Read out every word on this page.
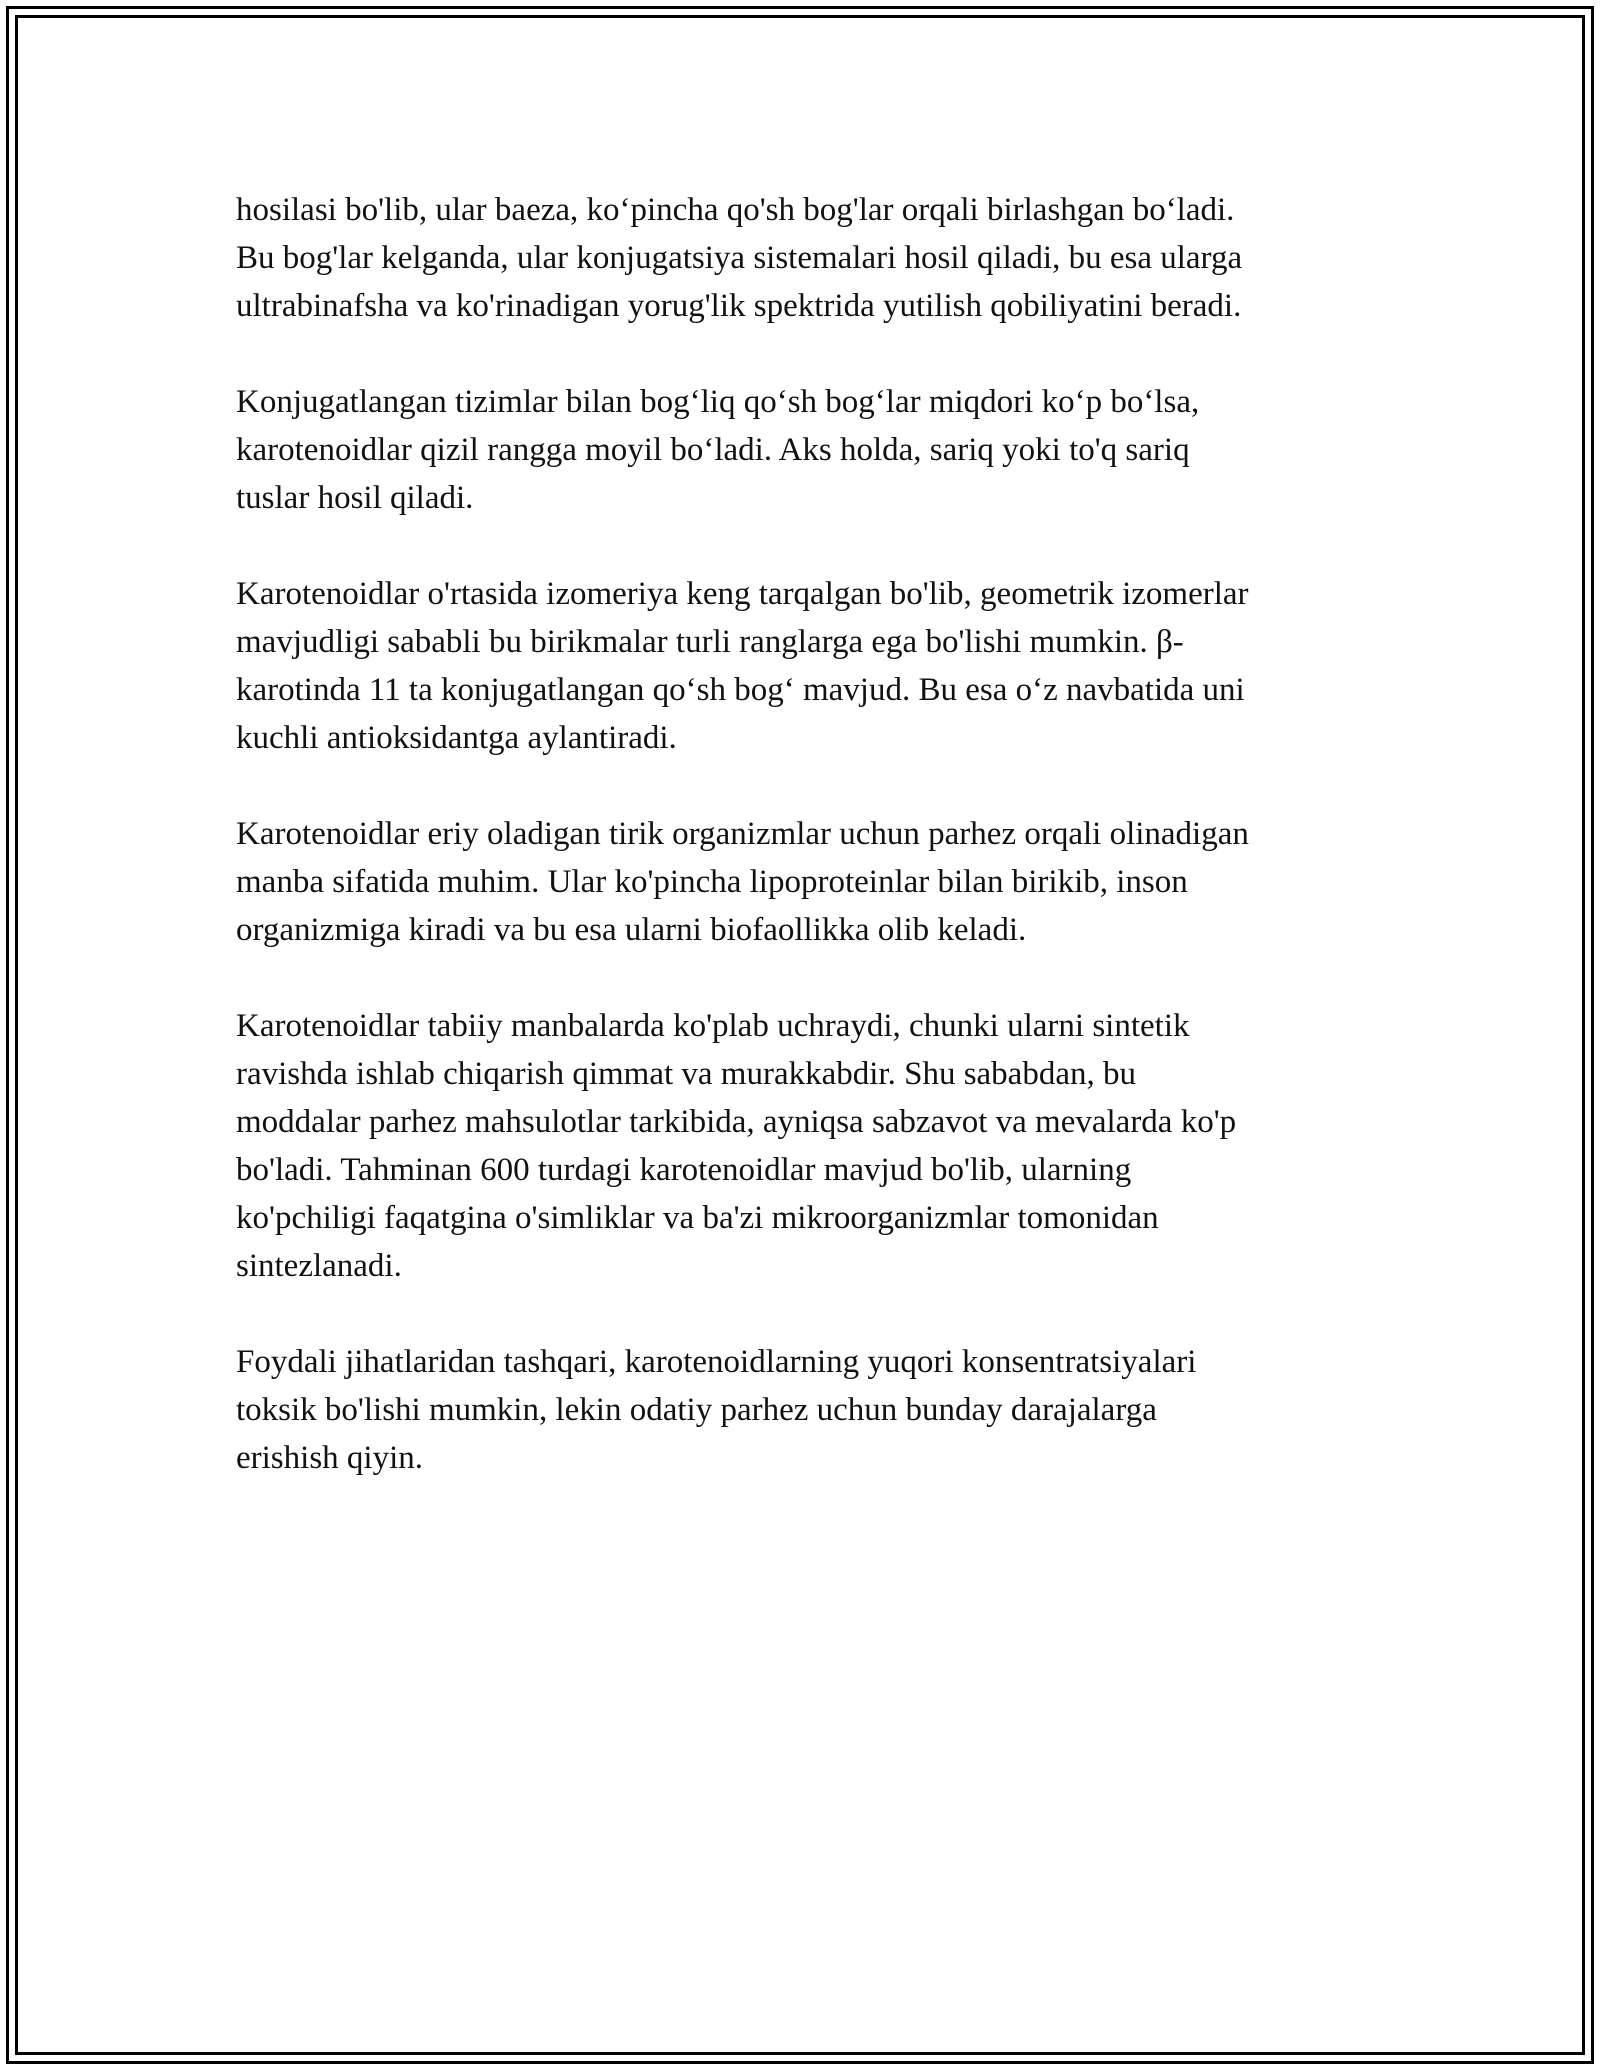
hosilasi bo'lib, ular baeza, ko‘pincha qo'sh bog'lar orqali birlashgan bo‘ladi.
Bu bog'lar kelganda, ular konjugatsiya sistemalari hosil qiladi, bu esa ularga
ultrabinafsha va ko'rinadigan yorug'lik spektrida yutilish qobiliyatini beradi.

Konjugatlangan tizimlar bilan bog‘liq qo‘sh bog‘lar miqdori ko‘p bo‘lsa,
karotenoidlar qizil rangga moyil bo‘ladi. Aks holda, sariq yoki to'q sariq
tuslar hosil qiladi.

Karotenoidlar o'rtasida izomeriya keng tarqalgan bo'lib, geometrik izomerlar
mavjudligi sababli bu birikmalar turli ranglarga ega bo'lishi mumkin. β-
karotinda 11 ta konjugatlangan qo‘sh bog‘ mavjud. Bu esa o‘z navbatida uni
kuchli antioksidantga aylantiradi.

Karotenoidlar eriy oladigan tirik organizmlar uchun parhez orqali olinadigan
manba sifatida muhim. Ular ko'pincha lipoproteinlar bilan birikib, inson
organizmiga kiradi va bu esa ularni biofaollikka olib keladi.

Karotenoidlar tabiiy manbalarda ko'plab uchraydi, chunki ularni sintetik
ravishda ishlab chiqarish qimmat va murakkabdir. Shu sababdan, bu
moddalar parhez mahsulotlar tarkibida, ayniqsa sabzavot va mevalarda ko'p
bo'ladi. Tahminan 600 turdagi karotenoidlar mavjud bo'lib, ularning
ko'pchiligi faqatgina o'simliklar va ba'zi mikroorganizmlar tomonidan
sintezlanadi.

Foydali jihatlaridan tashqari, karotenoidlarning yuqori konsentratsiyalari
toksik bo'lishi mumkin, lekin odatiy parhez uchun bunday darajalarga
erishish qiyin.
